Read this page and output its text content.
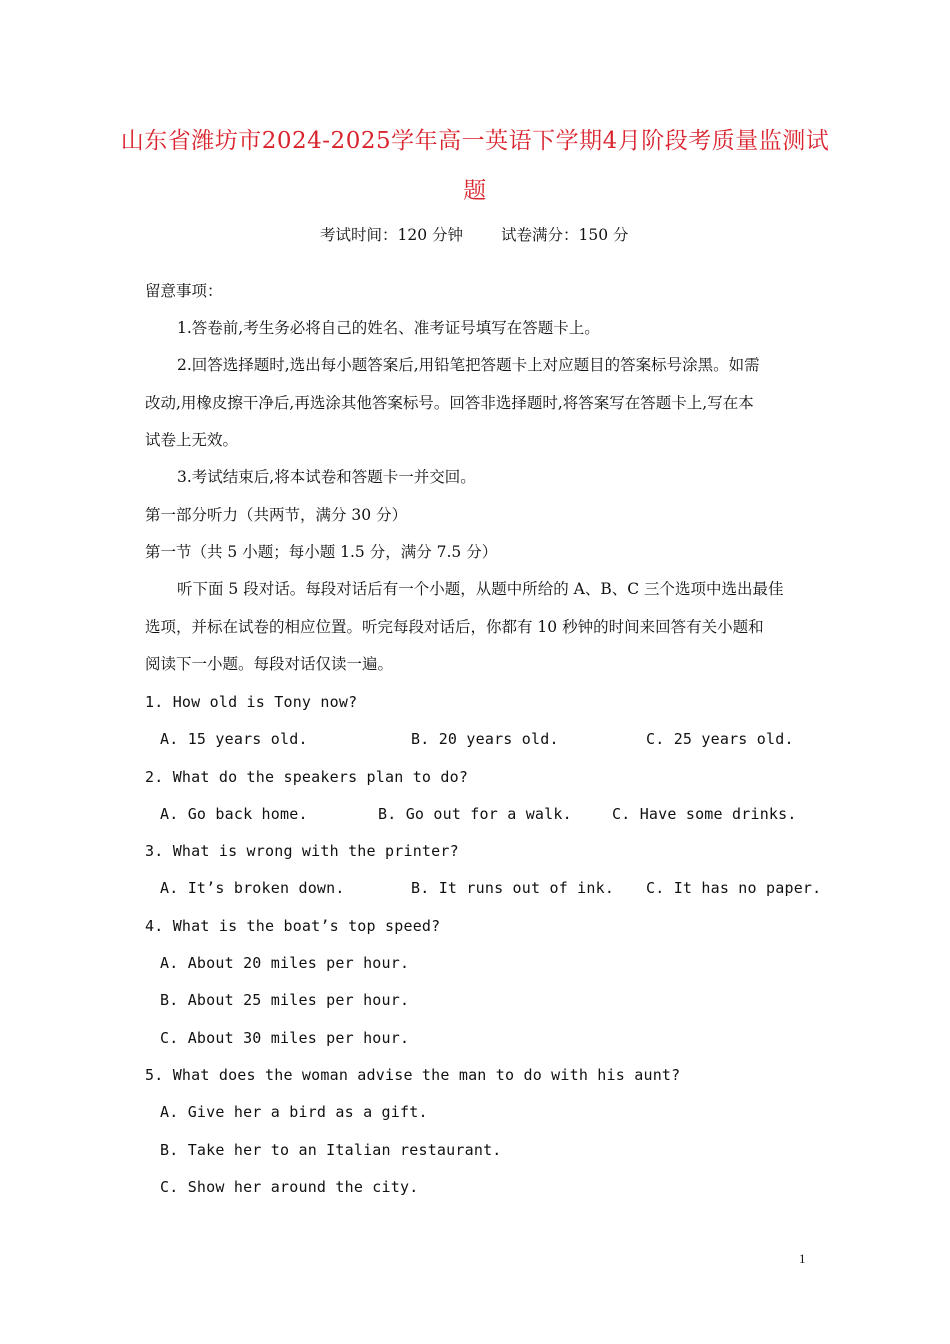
山东省潍坊市2024-2025学年高一英语下学期4月阶段考质量监测试
题
考试时间：120 分钟 试卷满分：150 分
留意事项：
1.答卷前,考生务必将自己的姓名、准考证号填写在答题卡上。
2.回答选择题时,选出每小题答案后,用铅笔把答题卡上对应题目的答案标号涂黑。如需
改动,用橡皮擦干净后,再选涂其他答案标号。回答非选择题时,将答案写在答题卡上,写在本
试卷上无效。
3.考试结束后,将本试卷和答题卡一并交回。
第一部分听力（共两节，满分 30 分）
第一节（共 5 小题；每小题 1.5 分，满分 7.5 分）
听下面 5 段对话。每段对话后有一个小题，从题中所给的 A、B、C 三个选项中选出最佳
选项，并标在试卷的相应位置。听完每段对话后，你都有 10 秒钟的时间来回答有关小题和
阅读下一小题。每段对话仅读一遍。
1. How old is Tony now?
A. 15 years old.	B. 20 years old.	C. 25 years old.
2. What do the speakers plan to do?
A. Go back home.	B. Go out for a walk.	C. Have some drinks.
3. What is wrong with the printer?
A. It’s broken down.	B. It runs out of ink. C. It has no paper.
4. What is the boat’s top speed?
A. About 20 miles per hour.
B. About 25 miles per hour.
C. About 30 miles per hour.
5. What does the woman advise the man to do with his aunt?
A. Give her a bird as a gift.
B. Take her to an Italian restaurant.
C. Show her around the city.
1
